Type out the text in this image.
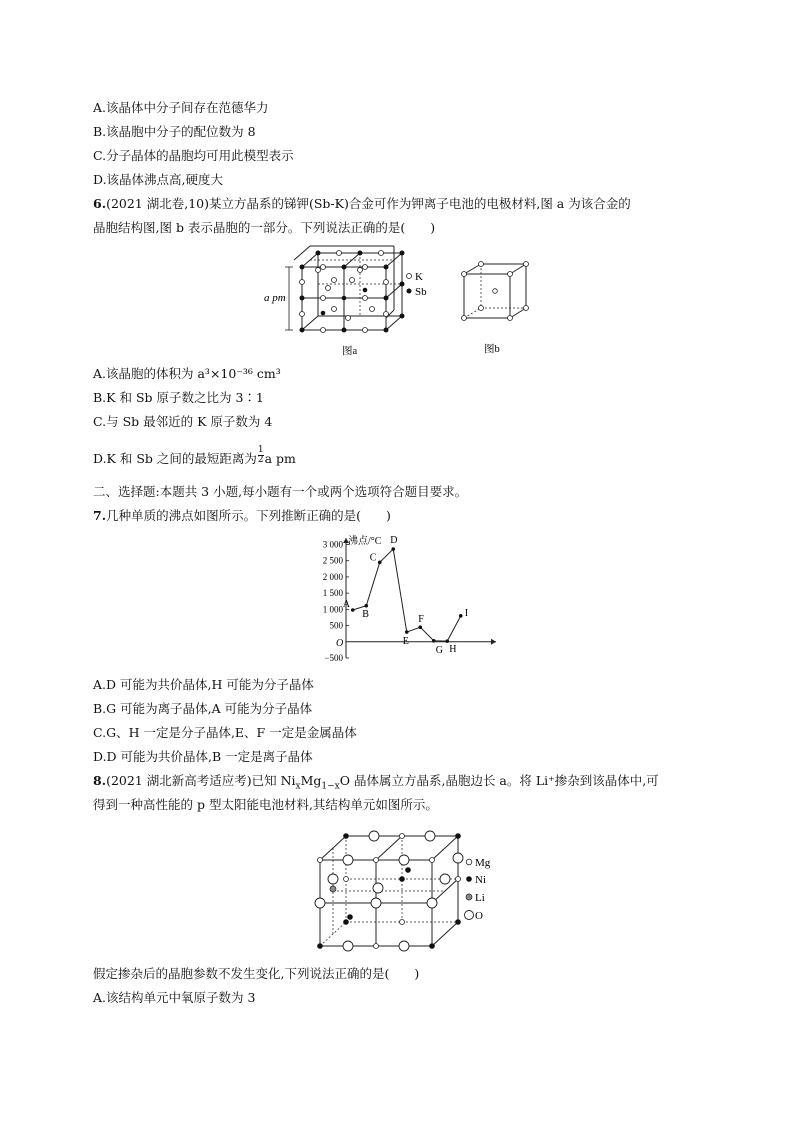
A.该晶体中分子间存在范德华力
B.该晶胞中分子的配位数为 8
C.分子晶体的晶胞均可用此模型表示
D.该晶体沸点高,硬度大
6.(2021 湖北卷,10)某立方晶系的锑钾(Sb-K)合金可作为钾离子电池的电极材料,图 a 为该合金的
晶胞结构图,图 b 表示晶胞的一部分。下列说法正确的是(　　)
a pm
K
Sb
图a	图b
A.该晶胞的体积为 a³×10⁻³⁶ cm³
B.K 和 Sb 原子数之比为 3∶1
C.与 Sb 最邻近的 K 原子数为 4
D.K 和 Sb 之间的最短距离为 $\frac{1}{2}$ a pm
二、选择题:本题共 3 小题,每小题有一个或两个选项符合题目要求。
7.几种单质的沸点如图所示。下列推断正确的是(　　)
沸点/°C
O
−500
500
1 000
1 500
2 000
2 500
3 000
A
B
C
D
E
F
G H
I
A.D 可能为共价晶体,H 可能为分子晶体
B.G 可能为离子晶体,A 可能为分子晶体
C.G、H 一定是分子晶体,E、F 一定是金属晶体
D.D 可能为共价晶体,B 一定是离子晶体
8.(2021 湖北新高考适应考)已知 $Ni_xMg_{1-x}O$ 晶体属立方晶系,晶胞边长 a。将 Li⁺掺杂到该晶体中,可
得到一种高性能的 p 型太阳能电池材料,其结构单元如图所示。
Mg
Ni
Li
O
假定掺杂后的晶胞参数不发生变化,下列说法正确的是(　　)
A.该结构单元中氧原子数为 3
